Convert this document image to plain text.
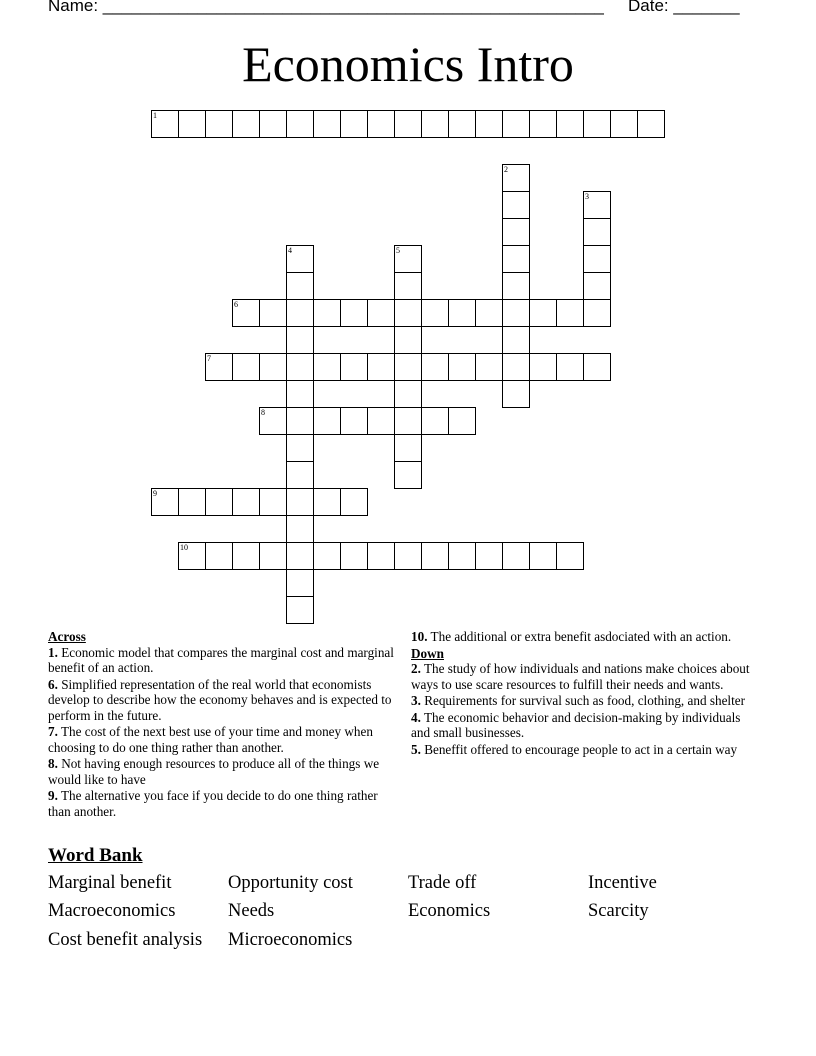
Name: _____________________________________________________ Date: _______
Economics Intro
1
2
3
4	5
6
7
8
9
10
Across
1. Economic model that compares the marginal cost and marginal benefit of an action.
6. Simplified representation of the real world that economists develop to describe how the economy behaves and is expected to perform in the future.
7. The cost of the next best use of your time and money when choosing to do one thing rather than another.
8. Not having enough resources to produce all of the things we would like to have
9. The alternative you face if you decide to do one thing rather than another.
10. The additional or extra benefit asdociated with an action.
Down
2. The study of how individuals and nations make choices about ways to use scare resources to fulfill their needs and wants.
3. Requirements for survival such as food, clothing, and shelter
4. The economic behavior and decision-making by individuals and small businesses.
5. Beneffit offered to encourage people to act in a certain way
Word Bank
Marginal benefit	Opportunity cost	Trade off	Incentive
Macroeconomics	Needs	Economics	Scarcity
Cost benefit analysis Microeconomics
